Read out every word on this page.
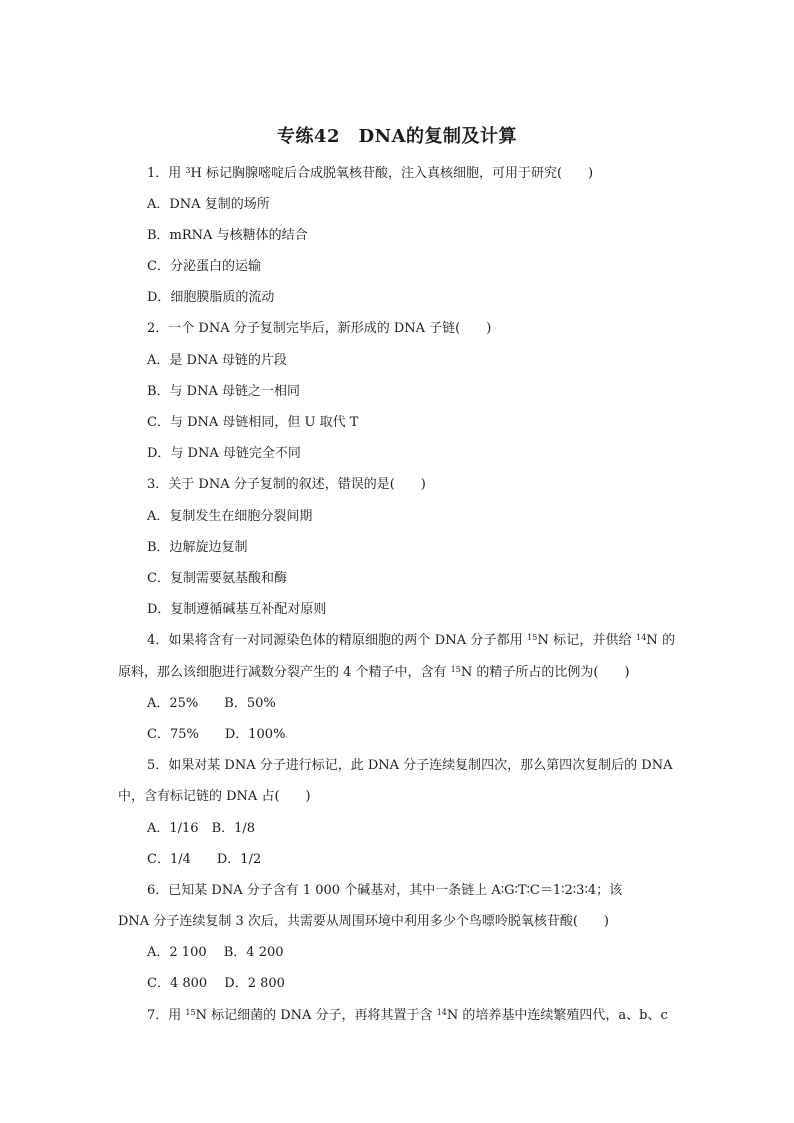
专练42　DNA的复制及计算
1．用 $^3$H 标记胸腺嘧啶后合成脱氧核苷酸，注入真核细胞，可用于研究(　　)
A．DNA 复制的场所
B．mRNA 与核糖体的结合
C．分泌蛋白的运输
D．细胞膜脂质的流动
2．一个 DNA 分子复制完毕后，新形成的 DNA 子链(　　)
A．是 DNA 母链的片段
B．与 DNA 母链之一相同
C．与 DNA 母链相同，但 U 取代 T
D．与 DNA 母链完全不同
3．关于 DNA 分子复制的叙述，错误的是(　　)
A．复制发生在细胞分裂间期
B．边解旋边复制
C．复制需要氨基酸和酶
D．复制遵循碱基互补配对原则
4．如果将含有一对同源染色体的精原细胞的两个 DNA 分子都用 $^{15}$N 标记，并供给 $^{14}$N 的
原料，那么该细胞进行减数分裂产生的 4 个精子中，含有 $^{15}$N 的精子所占的比例为(　　)
A．25%　　B．50%
C．75%　　D．100%
5．如果对某 DNA 分子进行标记，此 DNA 分子连续复制四次，那么第四次复制后的 DNA
中，含有标记链的 DNA 占(　　)
A．1/16　B．1/8
C．1/4　　D．1/2
6．已知某 DNA 分子含有 1 000 个碱基对，其中一条链上 A∶G∶T∶C＝1∶2∶3∶4；该
DNA 分子连续复制 3 次后，共需要从周围环境中利用多少个鸟嘌呤脱氧核苷酸(　　)
A．2 100　 B．4 200
C．4 800　 D．2 800
7．用 $^{15}$N 标记细菌的 DNA 分子，再将其置于含 $^{14}$N 的培养基中连续繁殖四代，a、b、c
